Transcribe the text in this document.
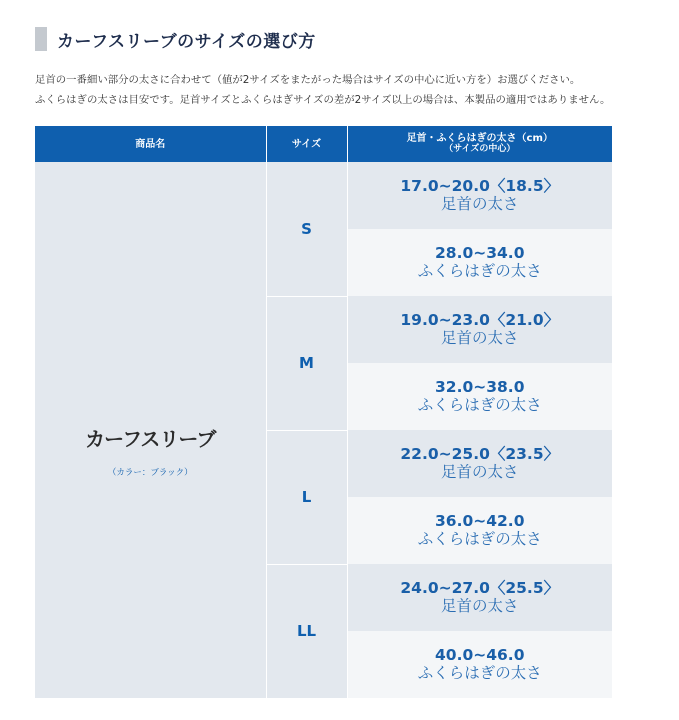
カーフスリーブのサイズの選び方

足首の一番細い部分の太さに合わせて（値が2サイズをまたがった場合はサイズの中心に近い方を）お選びください。

ふくらはぎの太さは目安です。足首サイズとふくらはぎサイズの差が2サイズ以上の場合は、本製品の適用ではありません。

商品名	サイズ	足首・ふくらはぎの太さ（cm）
（サイズの中心）

カーフスリーブ
（カラー：ブラック）	S	17.0~20.0〈18.5〉
足首の太さ

		28.0~34.0
ふくらはぎの太さ

	M	19.0~23.0〈21.0〉
足首の太さ

		32.0~38.0
ふくらはぎの太さ

	L	22.0~25.0〈23.5〉
足首の太さ

		36.0~42.0
ふくらはぎの太さ

	LL	24.0~27.0〈25.5〉
足首の太さ

		40.0~46.0
ふくらはぎの太さ
